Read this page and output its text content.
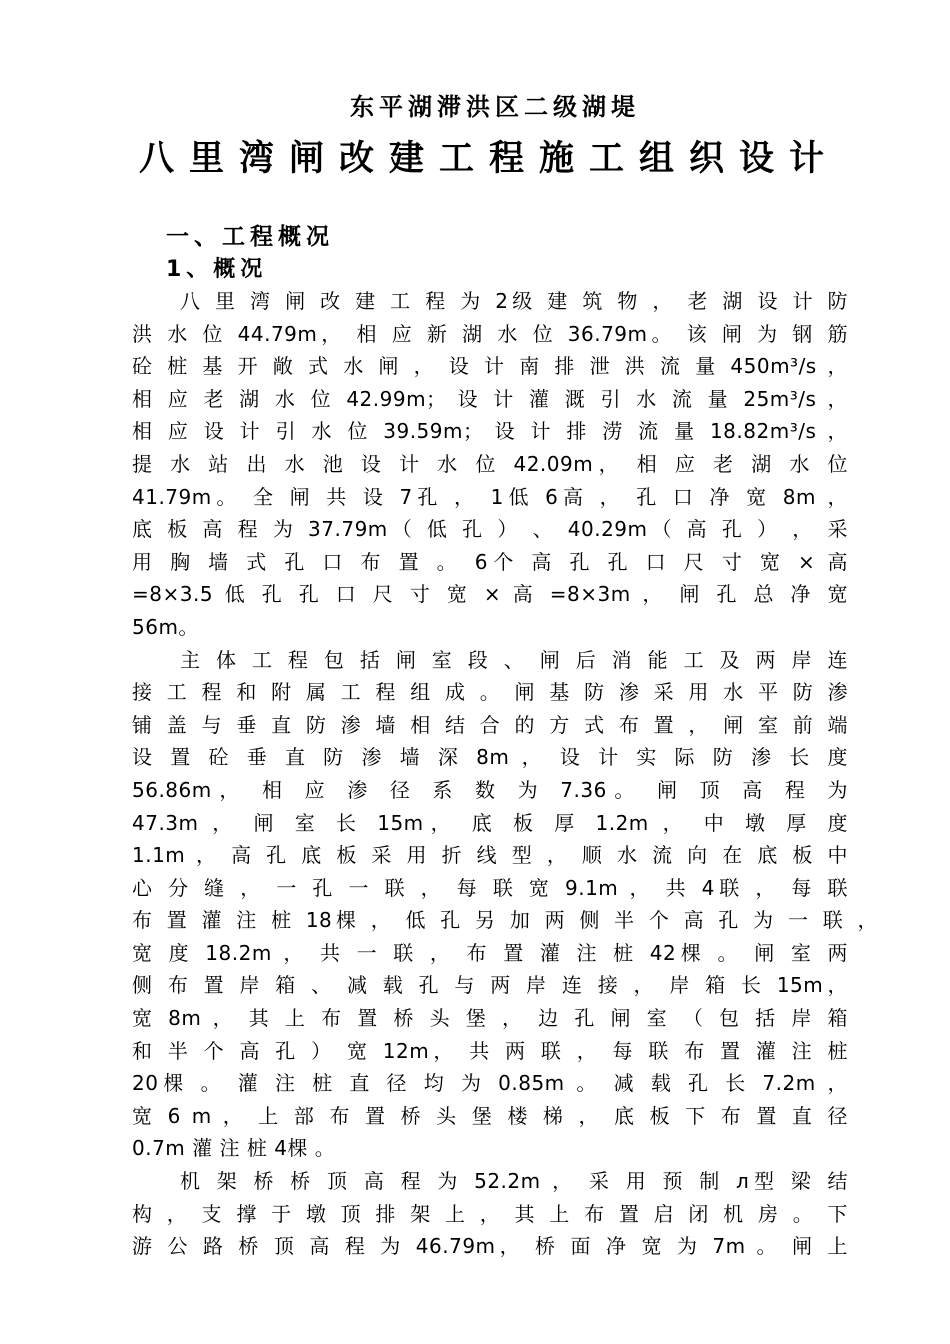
东平湖滞洪区二级湖堤
八里湾闸改建工程施工组织设计
一、工程概况
1、概况
八 里 湾 闸 改 建 工 程 为 2级 建 筑 物 ， 老 湖 设 计 防
洪 水 位 44.79m， 相 应 新 湖 水 位 36.79m。 该 闸 为 钢 筋
砼 桩 基 开 敞 式 水 闸 ， 设 计 南 排 泄 洪 流 量 450m³/s ，
相 应 老 湖 水 位 42.99m； 设 计 灌 溉 引 水 流 量 25m³/s ，
相 应 设 计 引 水 位 39.59m； 设 计 排 涝 流 量 18.82m³/s ，
提 水 站 出 水 池 设 计 水 位 42.09m， 相 应 老 湖 水 位
41.79m。 全 闸 共 设 7孔 ， 1低 6高 ， 孔 口 净 宽 8m ，
底 板 高 程 为 37.79m（ 低 孔 ） 、 40.29m（ 高 孔 ） ， 采
用 胸 墙 式 孔 口 布 置 。 6个 高 孔 孔 口 尺 寸 宽 × 高
=8×3.5 低 孔 孔 口 尺 寸 宽 × 高 =8×3m ， 闸 孔 总 净 宽
56m。
主 体 工 程 包 括 闸 室 段 、 闸 后 消 能 工 及 两 岸 连
接 工 程 和 附 属 工 程 组 成 。 闸 基 防 渗 采 用 水 平 防 渗
铺 盖 与 垂 直 防 渗 墙 相 结 合 的 方 式 布 置 ， 闸 室 前 端
设 置 砼 垂 直 防 渗 墙 深 8m ， 设 计 实 际 防 渗 长 度
56.86m， 相 应 渗 径 系 数 为 7.36。 闸 顶 高 程 为
47.3m ， 闸 室 长 15m， 底 板 厚 1.2m ， 中 墩 厚 度
1.1m ， 高 孔 底 板 采 用 折 线 型 ， 顺 水 流 向 在 底 板 中
心 分 缝 ， 一 孔 一 联 ， 每 联 宽 9.1m ， 共 4联 ， 每 联
布 置 灌 注 桩 18棵 ， 低 孔 另 加 两 侧 半 个 高 孔 为 一 联 ，
宽 度 18.2m ， 共 一 联 ， 布 置 灌 注 桩 42棵 。 闸 室 两
侧 布 置 岸 箱 、 减 载 孔 与 两 岸 连 接 ， 岸 箱 长 15m，
宽 8m ， 其 上 布 置 桥 头 堡 ， 边 孔 闸 室 （ 包 括 岸 箱
和 半 个 高 孔 ） 宽 12m， 共 两 联 ， 每 联 布 置 灌 注 桩
20棵 。 灌 注 桩 直 径 均 为 0.85m 。 减 载 孔 长 7.2m ，
宽 6 m ， 上 部 布 置 桥 头 堡 楼 梯 ， 底 板 下 布 置 直 径
0.7m 灌 注 桩 4棵 。
机 架 桥 桥 顶 高 程 为 52.2m ， 采 用 预 制 л型 梁 结
构 ， 支 撑 于 墩 顶 排 架 上 ， 其 上 布 置 启 闭 机 房 。 下
游 公 路 桥 顶 高 程 为 46.79m， 桥 面 净 宽 为 7m 。 闸 上
